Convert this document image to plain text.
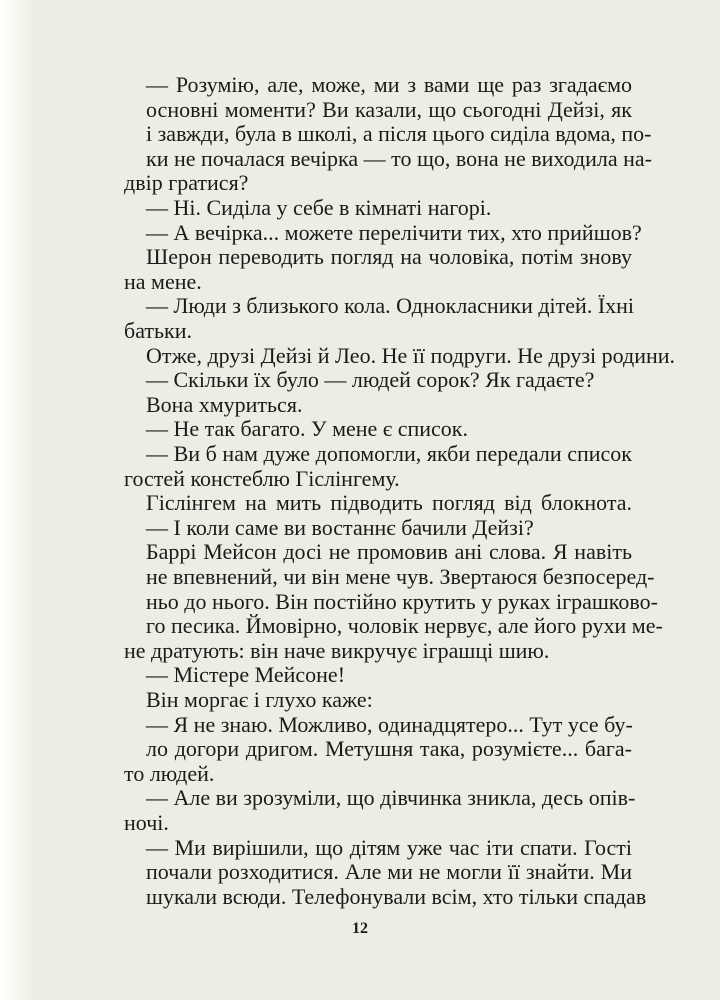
— Розумію, але, може, ми з вами ще раз згадаємо

основні моменти? Ви казали, що сьогодні Дейзі, як

і завжди, була в школі, а після цього сиділа вдома, по-

ки не почалася вечірка — то що, вона не виходила на-

двір гратися?

— Ні. Сиділа у себе в кімнаті нагорі.

— А вечірка... можете перелічити тих, хто прийшов?

Шерон переводить погляд на чоловіка, потім знову

на мене.

— Люди з близького кола. Однокласники дітей. Їхні

батьки.

Отже, друзі Дейзі й Лео. Не її подруги. Не друзі родини.

— Скільки їх було — людей сорок? Як гадаєте?

Вона хмуриться.

— Не так багато. У мене є список.

— Ви б нам дуже допомогли, якби передали список

гостей констеблю Гіслінгему.

Гіслінгем на мить підводить погляд від блокнота.

— І коли саме ви востаннє бачили Дейзі?

Баррі Мейсон досі не промовив ані слова. Я навіть

не впевнений, чи він мене чув. Звертаюся безпосеред-

ньо до нього. Він постійно крутить у руках іграшково-

го песика. Ймовірно, чоловік нервує, але його рухи ме-

не дратують: він наче викручує іграшці шию.

— Містере Мейсоне!

Він моргає і глухо каже:

— Я не знаю. Можливо, одинадцятеро... Тут усе бу-

ло догори дригом. Метушня така, розумієте... бага-

то людей.

— Але ви зрозуміли, що дівчинка зникла, десь опів-

ночі.

— Ми вирішили, що дітям уже час іти спати. Гості

почали розходитися. Але ми не могли її знайти. Ми

шукали всюди. Телефонували всім, хто тільки спадав

12
